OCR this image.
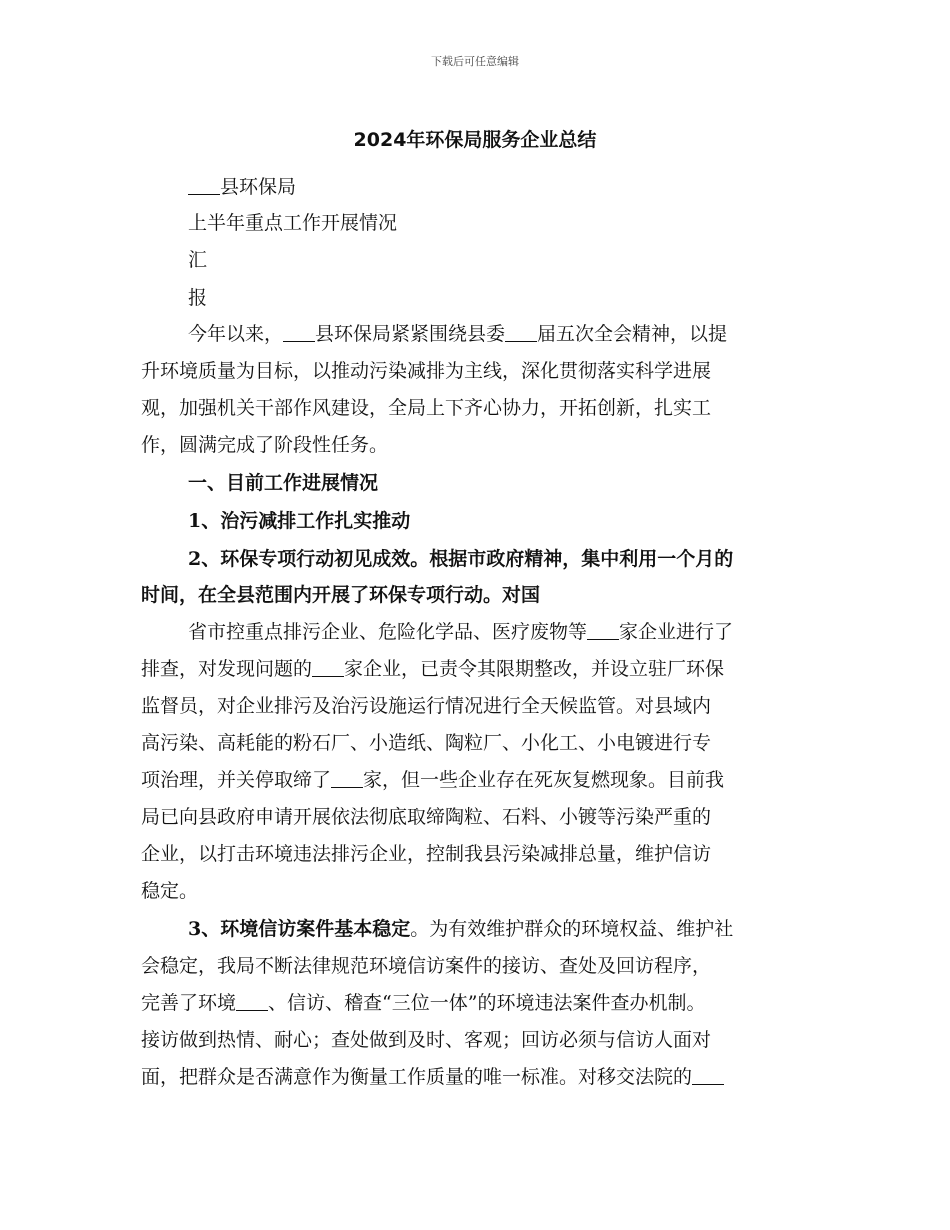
下载后可任意编辑
2024年环保局服务企业总结
县环保局
上半年重点工作开展情况
汇
报
今年以来， 县环保局紧紧围绕县委 届五次全会精神，以提
升环境质量为目标，以推动污染减排为主线，深化贯彻落实科学进展
观，加强机关干部作风建设，全局上下齐心协力，开拓创新，扎实工
作，圆满完成了阶段性任务。
一、目前工作进展情况
1、治污减排工作扎实推动
2、环保专项行动初见成效。根据市政府精神，集中利用一个月的
时间，在全县范围内开展了环保专项行动。对国
省市控重点排污企业、危险化学品、医疗废物等 家企业进行了
排查，对发现问题的 家企业，已责令其限期整改，并设立驻厂环保
监督员，对企业排污及治污设施运行情况进行全天候监管。对县域内
高污染、高耗能的粉石厂、小造纸、陶粒厂、小化工、小电镀进行专
项治理，并关停取缔了 家，但一些企业存在死灰复燃现象。目前我
局已向县政府申请开展依法彻底取缔陶粒、石料、小镀等污染严重的
企业，以打击环境违法排污企业，控制我县污染减排总量，维护信访
稳定。
3、环境信访案件基本稳定。为有效维护群众的环境权益、维护社
会稳定，我局不断法律规范环境信访案件的接访、查处及回访程序，
完善了环境 、信访、稽查“三位一体”的环境违法案件查办机制。
接访做到热情、耐心；查处做到及时、客观；回访必须与信访人面对
面，把群众是否满意作为衡量工作质量的唯一标准。对移交法院的
